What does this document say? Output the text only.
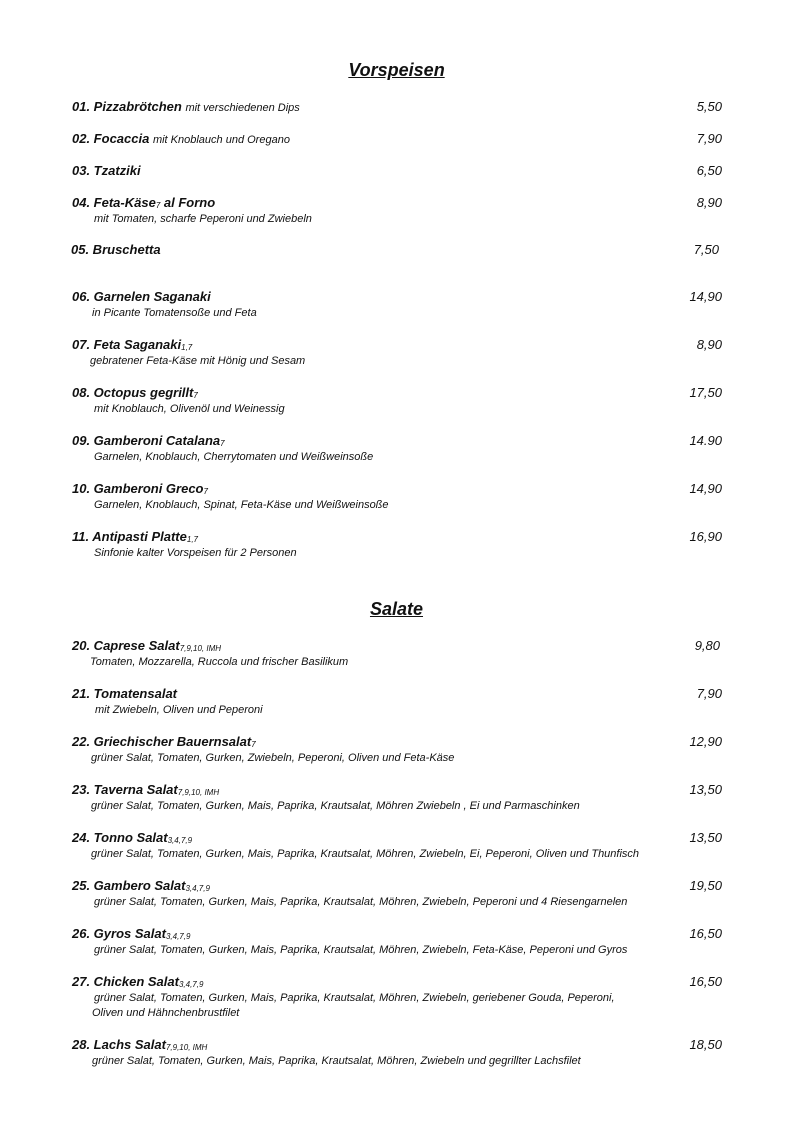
Vorspeisen
01. Pizzabrötchen mit verschiedenen Dips	5,50
02. Focaccia mit Knoblauch und Oregano	7,90
03. Tzatziki	6,50
04. Feta-Käse$_7$ al Forno	8,90
mit Tomaten, scharfe Peperoni und Zwiebeln
05. Bruschetta	7,50
06. Garnelen Saganaki	14,90
in Picante Tomatensoße und Feta
07. Feta Saganaki$_{1,7}$	8,90
gebratener Feta-Käse mit Hönig und Sesam
08. Octopus gegrillt$_7$	17,50
mit Knoblauch, Olivenöl und Weinessig
09. Gamberoni Catalana$_7$	14.90
Garnelen, Knoblauch, Cherrytomaten und Weißweinsoße
10. Gamberoni Greco$_7$	14,90
Garnelen, Knoblauch, Spinat, Feta-Käse und Weißweinsoße
11. Antipasti Platte$_{1,7}$	16,90
Sinfonie kalter Vorspeisen für 2 Personen
Salate
20. Caprese Salat$_{7,9,10, IMH}$	9,80
Tomaten, Mozzarella, Ruccola und frischer Basilikum
21. Tomatensalat	7,90
mit Zwiebeln, Oliven und Peperoni
22. Griechischer Bauernsalat$_7$	12,90
grüner Salat, Tomaten, Gurken, Zwiebeln, Peperoni, Oliven und Feta-Käse
23. Taverna Salat$_{7,9,10, IMH}$	13,50
grüner Salat, Tomaten, Gurken, Mais, Paprika, Krautsalat, Möhren Zwiebeln , Ei und Parmaschinken
24. Tonno Salat$_{3,4,7,9}$	13,50
grüner Salat, Tomaten, Gurken, Mais, Paprika, Krautsalat, Möhren, Zwiebeln, Ei, Peperoni, Oliven und Thunfisch
25. Gambero Salat$_{3,4,7,9}$	19,50
grüner Salat, Tomaten, Gurken, Mais, Paprika, Krautsalat, Möhren, Zwiebeln, Peperoni und 4 Riesengarnelen
26. Gyros Salat$_{3,4,7,9}$	16,50
grüner Salat, Tomaten, Gurken, Mais, Paprika, Krautsalat, Möhren, Zwiebeln, Feta-Käse, Peperoni und Gyros
27. Chicken Salat$_{3,4,7,9}$	16,50
grüner Salat, Tomaten, Gurken, Mais, Paprika, Krautsalat, Möhren, Zwiebeln, geriebener Gouda, Peperoni,
Oliven und Hähnchenbrustfilet
28. Lachs Salat$_{7,9,10, IMH}$	18,50
grüner Salat, Tomaten, Gurken, Mais, Paprika, Krautsalat, Möhren, Zwiebeln und gegrillter Lachsfilet
